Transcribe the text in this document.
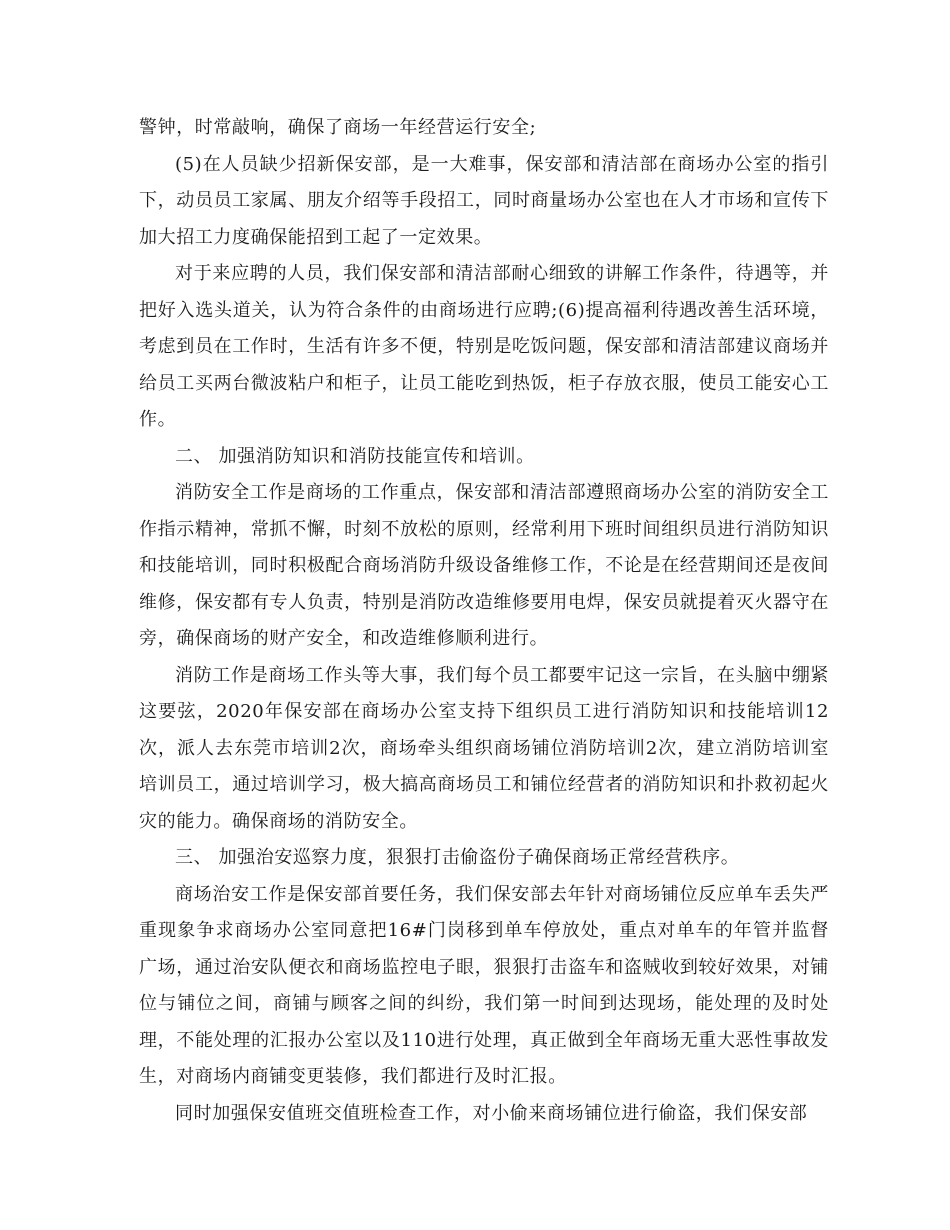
警钟，时常敲响，确保了商场一年经营运行安全;

(5)在人员缺少招新保安部，是一大难事，保安部和清洁部在商场办公室的指引下，动员员工家属、朋友介绍等手段招工，同时商量场办公室也在人才市场和宣传下加大招工力度确保能招到工起了一定效果。

对于来应聘的人员，我们保安部和清洁部耐心细致的讲解工作条件，待遇等，并把好入选头道关，认为符合条件的由商场进行应聘;(6)提高福利待遇改善生活环境，考虑到员在工作时，生活有许多不便，特别是吃饭问题，保安部和清洁部建议商场并给员工买两台微波粘户和柜子，让员工能吃到热饭，柜子存放衣服，使员工能安心工作。

二、 加强消防知识和消防技能宣传和培训。

消防安全工作是商场的工作重点，保安部和清洁部遵照商场办公室的消防安全工作指示精神，常抓不懈，时刻不放松的原则，经常利用下班时间组织员进行消防知识和技能培训，同时积极配合商场消防升级设备维修工作，不论是在经营期间还是夜间维修，保安都有专人负责，特别是消防改造维修要用电焊，保安员就提着灭火器守在旁，确保商场的财产安全，和改造维修顺利进行。

消防工作是商场工作头等大事，我们每个员工都要牢记这一宗旨，在头脑中绷紧这要弦，2020年保安部在商场办公室支持下组织员工进行消防知识和技能培训12次，派人去东莞市培训2次，商场牵头组织商场铺位消防培训2次，建立消防培训室培训员工，通过培训学习，极大搞高商场员工和铺位经营者的消防知识和扑救初起火灾的能力。确保商场的消防安全。

三、 加强治安巡察力度，狠狠打击偷盗份子确保商场正常经营秩序。

商场治安工作是保安部首要任务，我们保安部去年针对商场铺位反应单车丢失严重现象争求商场办公室同意把16#门岗移到单车停放处，重点对单车的年管并监督广场，通过治安队便衣和商场监控电子眼，狠狠打击盗车和盗贼收到较好效果，对铺位与铺位之间，商铺与顾客之间的纠纷，我们第一时间到达现场，能处理的及时处理，不能处理的汇报办公室以及110进行处理，真正做到全年商场无重大恶性事故发生，对商场内商铺变更装修，我们都进行及时汇报。

同时加强保安值班交值班检查工作，对小偷来商场铺位进行偷盗，我们保安部
